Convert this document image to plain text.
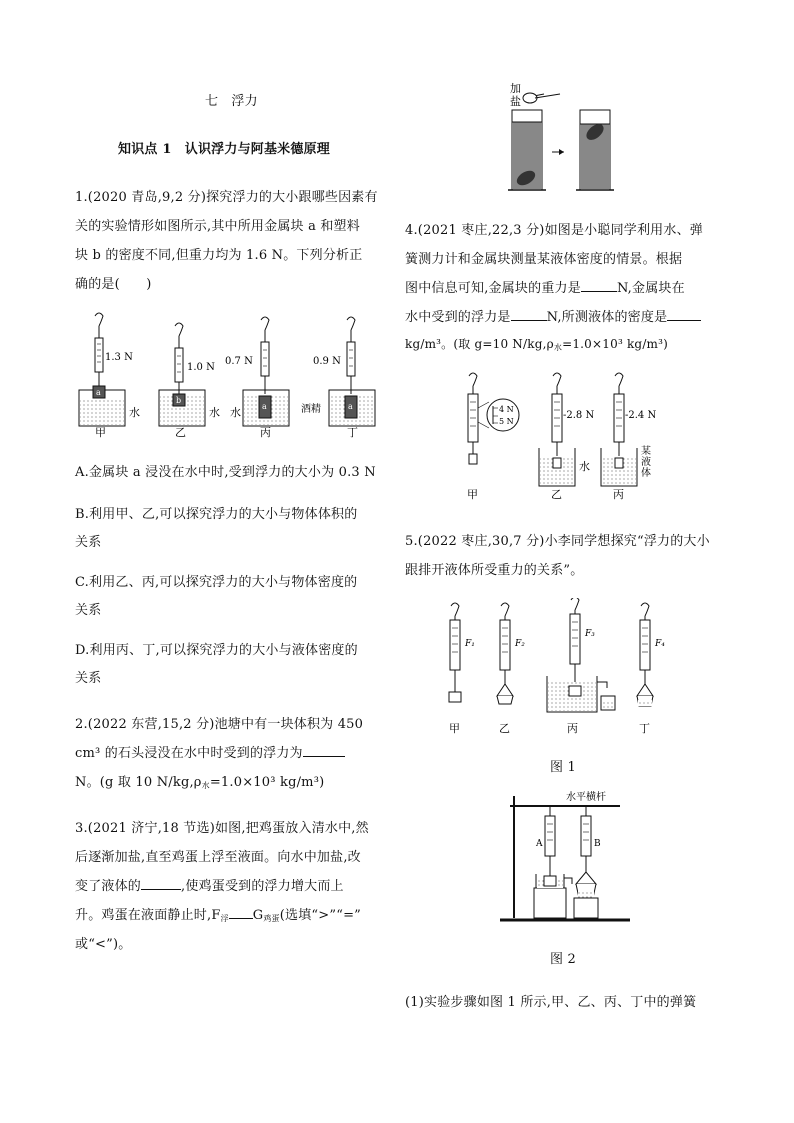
七　浮力
知识点 1　认识浮力与阿基米德原理
1.(2020 青岛,9,2 分)探究浮力的大小跟哪些因素有
关的实验情形如图所示,其中所用金属块 a 和塑料
块 b 的密度不同,但重力均为 1.6 N。下列分析正
确的是(　　)
1.3 N
a
水
甲
1.0 N
b
水
乙
0.7 N
a
水
丙
0.9 N
a
酒精
丁
A.金属块 a 浸没在水中时,受到浮力的大小为 0.3 N
B.利用甲、乙,可以探究浮力的大小与物体体积的
关系
C.利用乙、丙,可以探究浮力的大小与物体密度的
关系
D.利用丙、丁,可以探究浮力的大小与液体密度的
关系
2.(2022 东营,15,2 分)池塘中有一块体积为 450
cm³ 的石头浸没在水中时受到的浮力为
N。(g 取 10 $N/kg,\rho_水=1.0\times 10^3$ kg/m³)
3.(2021 济宁,18 节选)如图,把鸡蛋放入清水中,然
后逐渐加盐,直至鸡蛋上浮至液面。向水中加盐,改
变了液体的	,使鸡蛋受到的浮力增大而上
升。鸡蛋在液面静止时$,F_浮$ $G_{鸡蛋}$(选填“>”“=”
或“<”)。
加
盐
4.(2021 枣庄,22,3 分)如图是小聪同学利用水、弹
簧测力计和金属块测量某液体密度的情景。根据
图中信息可知,金属块的重力是	N,金属块在
水中受到的浮力是	N,所测液体的密度是
kg/m³。(取 g=10 $N/kg,\rho_水=1.0\times 10^3$ kg/m³)
4 N
5 N
甲
-2.8 N
水
乙
-2.4 N
某液体
丙
5.(2022 枣庄,30,7 分)小李同学想探究“浮力的大小
跟排开液体所受重力的关系”。
F₁
甲
F₂
乙
F₃
丙
F₄
丁
图 1
水平横杆
A	B
图 2
(1)实验步骤如图 1 所示,甲、乙、丙、丁中的弹簧
